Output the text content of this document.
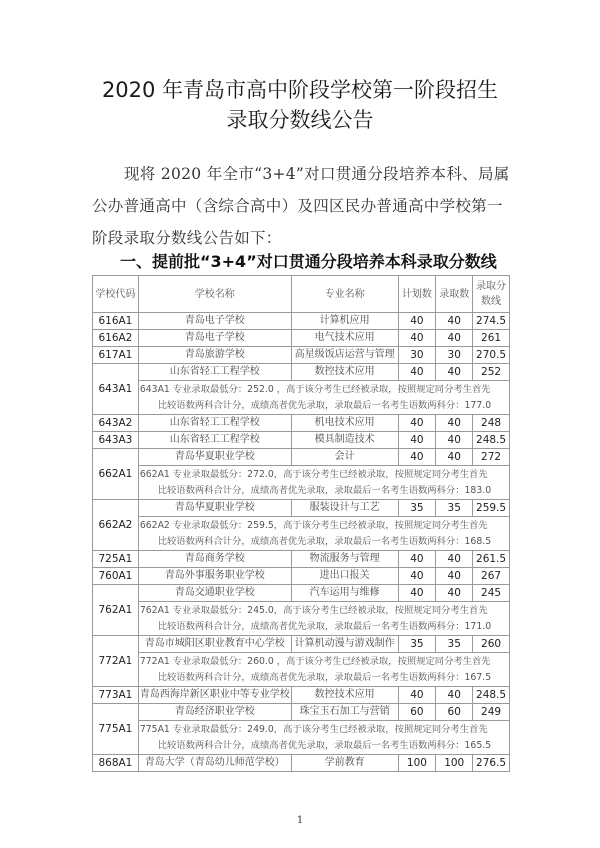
2020 年青岛市高中阶段学校第一阶段招生
录取分数线公告
现将 2020 年全市“3+4”对口贯通分段培养本科、局属
公办普通高中（含综合高中）及四区民办普通高中学校第一
阶段录取分数线公告如下：
一、提前批“3+4”对口贯通分段培养本科录取分数线
学校代码	学校名称	专业名称	计划数	录取数	录取分数线
616A1	青岛电子学校	计算机应用	40	40	274.5
616A2	青岛电子学校	电气技术应用	40	40	261
617A1	青岛旅游学校	高星级饭店运营与管理	30	30	270.5
643A1	山东省轻工工程学校	数控技术应用	40	40	252

	643A1 专业录取最低分：252.0 ，高于该分考生已经被录取，按照规定同分考生首先
比较语数两科合计分，成绩高者优先录取，录取最后一名考生语数两科分：177.0				

643A2	山东省轻工工程学校	机电技术应用	40	40	248
643A3	山东省轻工工程学校	模具制造技术	40	40	248.5
662A1	青岛华夏职业学校	会计	40	40	272

	662A1 专业录取最低分：272.0，高于该分考生已经被录取，按照规定同分考生首先
比较语数两科合计分，成绩高者优先录取，录取最后一名考生语数两科分：183.0				

662A2	青岛华夏职业学校	服装设计与工艺	35	35	259.5

	662A2 专业录取最低分：259.5，高于该分考生已经被录取，按照规定同分考生首先
比较语数两科合计分，成绩高者优先录取，录取最后一名考生语数两科分：168.5				

725A1	青岛商务学校	物流服务与管理	40	40	261.5
760A1	青岛外事服务职业学校	进出口报关	40	40	267
762A1	青岛交通职业学校	汽车运用与维修	40	40	245

	762A1 专业录取最低分：245.0，高于该分考生已经被录取，按照规定同分考生首先
比较语数两科合计分，成绩高者优先录取，录取最后一名考生语数两科分：171.0				

772A1	青岛市城阳区职业教育中心学校	计算机动漫与游戏制作	35	35	260

	772A1 专业录取最低分：260.0 ，高于该分考生已经被录取，按照规定同分考生首先
比较语数两科合计分，成绩高者优先录取，录取最后一名考生语数两科分：167.5				

773A1	青岛西海岸新区职业中等专业学校	数控技术应用	40	40	248.5
775A1	青岛经济职业学校	珠宝玉石加工与营销	60	60	249

	775A1 专业录取最低分：249.0，高于该分考生已经被录取，按照规定同分考生首先
比较语数两科合计分，成绩高者优先录取，录取最后一名考生语数两科分：165.5				

868A1	青岛大学（青岛幼儿师范学校）	学前教育	100	100	276.5
1
